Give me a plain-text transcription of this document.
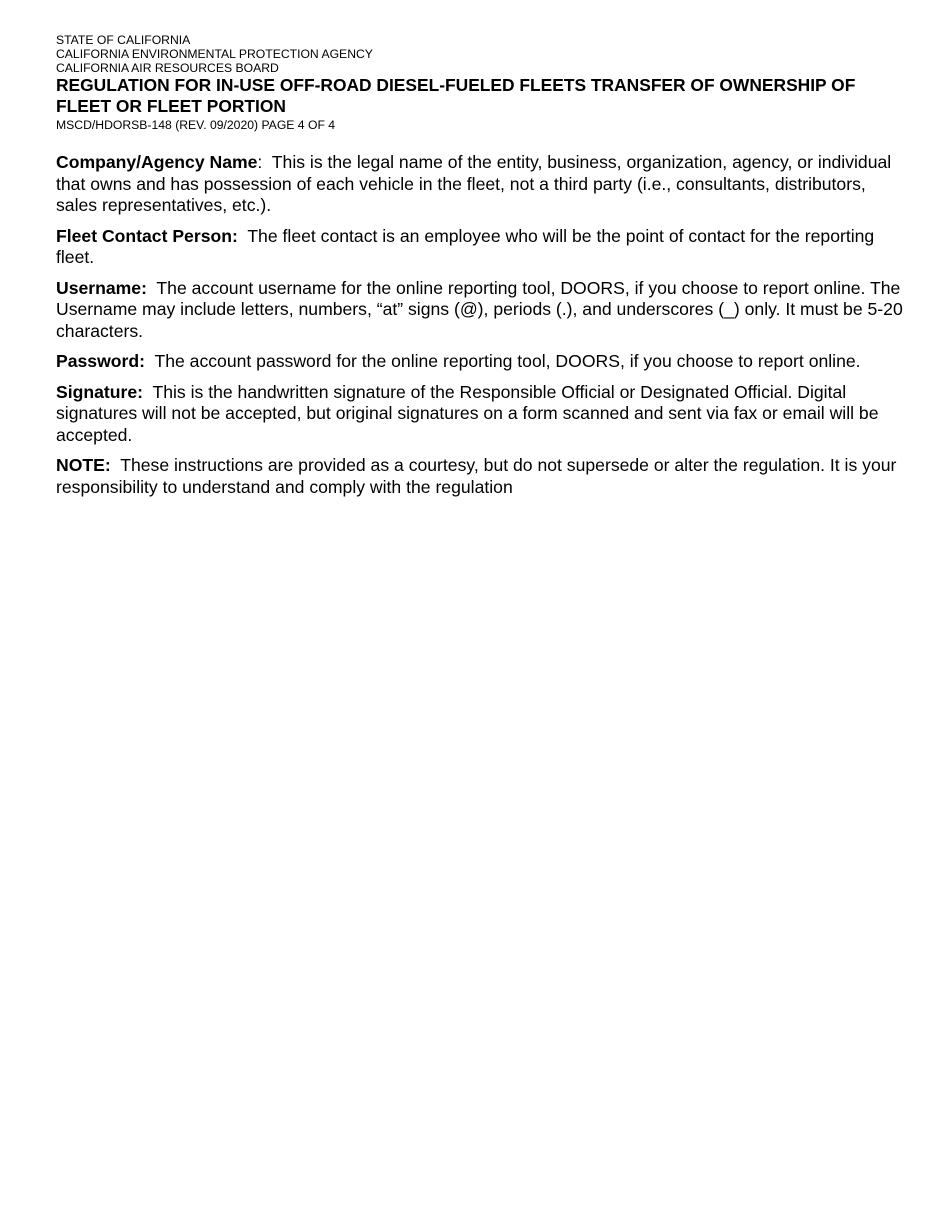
STATE OF CALIFORNIA

CALIFORNIA ENVIRONMENTAL PROTECTION AGENCY

CALIFORNIA AIR RESOURCES BOARD

REGULATION FOR IN-USE OFF-ROAD DIESEL-FUELED FLEETS TRANSFER OF OWNERSHIP OF FLEET OR FLEET PORTION

MSCD/HDORSB-148 (REV. 09/2020) PAGE 4 OF 4

Company/Agency Name:  This is the legal name of the entity, business, organization, agency, or individual that owns and has possession of each vehicle in the fleet, not a third party (i.e., consultants, distributors, sales representatives, etc.).

Fleet Contact Person: The fleet contact is an employee who will be the point of contact for the reporting fleet.

Username: The account username for the online reporting tool, DOORS, if you choose to report online. The Username may include letters, numbers, “at” signs (@), periods (.), and underscores (_) only. It must be 5-20 characters.

Password: The account password for the online reporting tool, DOORS, if you choose to report online.

Signature: This is the handwritten signature of the Responsible Official or Designated Official. Digital signatures will not be accepted, but original signatures on a form scanned and sent via fax or email will be accepted.

NOTE: These instructions are provided as a courtesy, but do not supersede or alter the regulation. It is your responsibility to understand and comply with the regulation
